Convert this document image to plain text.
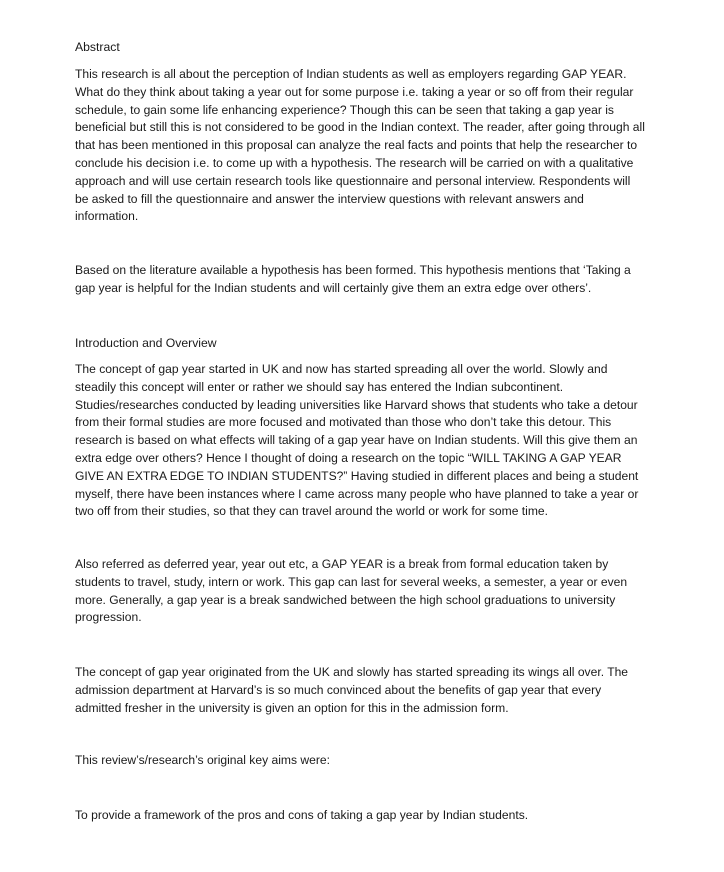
Abstract

This research is all about the perception of Indian students as well as employers regarding GAP YEAR. What do they think about taking a year out for some purpose i.e. taking a year or so off from their regular schedule, to gain some life enhancing experience? Though this can be seen that taking a gap year is beneficial but still this is not considered to be good in the Indian context. The reader, after going through all that has been mentioned in this proposal can analyze the real facts and points that help the researcher to conclude his decision i.e. to come up with a hypothesis. The research will be carried on with a qualitative approach and will use certain research tools like questionnaire and personal interview. Respondents will be asked to fill the questionnaire and answer the interview questions with relevant answers and information.

Based on the literature available a hypothesis has been formed. This hypothesis mentions that ‘Taking a gap year is helpful for the Indian students and will certainly give them an extra edge over others’.

Introduction and Overview

The concept of gap year started in UK and now has started spreading all over the world. Slowly and steadily this concept will enter or rather we should say has entered the Indian subcontinent. Studies/researches conducted by leading universities like Harvard shows that students who take a detour from their formal studies are more focused and motivated than those who don’t take this detour. This research is based on what effects will taking of a gap year have on Indian students. Will this give them an extra edge over others? Hence I thought of doing a research on the topic “WILL TAKING A GAP YEAR GIVE AN EXTRA EDGE TO INDIAN STUDENTS?” Having studied in different places and being a student myself, there have been instances where I came across many people who have planned to take a year or two off from their studies, so that they can travel around the world or work for some time.

Also referred as deferred year, year out etc, a GAP YEAR is a break from formal education taken by students to travel, study, intern or work. This gap can last for several weeks, a semester, a year or even more. Generally, a gap year is a break sandwiched between the high school graduations to university progression.

The concept of gap year originated from the UK and slowly has started spreading its wings all over. The admission department at Harvard’s is so much convinced about the benefits of gap year that every admitted fresher in the university is given an option for this in the admission form.

This review’s/research’s original key aims were:

To provide a framework of the pros and cons of taking a gap year by Indian students.
